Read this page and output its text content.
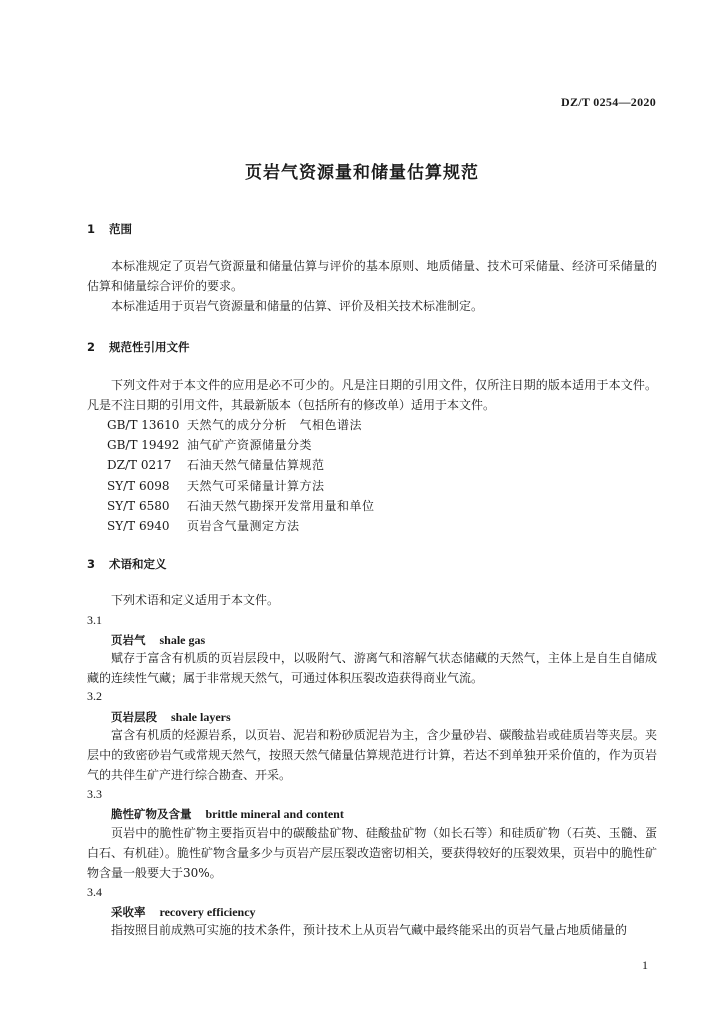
DZ/T 0254—2020
页岩气资源量和储量估算规范
1 范围
本标准规定了页岩气资源量和储量估算与评价的基本原则、地质储量、技术可采储量、经济可采储量的估算和储量综合评价的要求。
本标准适用于页岩气资源量和储量的估算、评价及相关技术标准制定。
2 规范性引用文件
下列文件对于本文件的应用是必不可少的。凡是注日期的引用文件，仅所注日期的版本适用于本文件。凡是不注日期的引用文件，其最新版本（包括所有的修改单）适用于本文件。
GB/T 13610 天然气的成分分析　气相色谱法
GB/T 19492 油气矿产资源储量分类
DZ/T 0217 石油天然气储量估算规范
SY/T 6098 天然气可采储量计算方法
SY/T 6580 石油天然气勘探开发常用量和单位
SY/T 6940 页岩含气量测定方法
3 术语和定义
下列术语和定义适用于本文件。
3.1
页岩气 shale gas
赋存于富含有机质的页岩层段中，以吸附气、游离气和溶解气状态储藏的天然气，主体上是自生自储成藏的连续性气藏；属于非常规天然气，可通过体积压裂改造获得商业气流。
3.2
页岩层段 shale layers
富含有机质的烃源岩系，以页岩、泥岩和粉砂质泥岩为主，含少量砂岩、碳酸盐岩或硅质岩等夹层。夹层中的致密砂岩气或常规天然气，按照天然气储量估算规范进行计算，若达不到单独开采价值的，作为页岩气的共伴生矿产进行综合勘查、开采。
3.3
脆性矿物及含量 brittle mineral and content
页岩中的脆性矿物主要指页岩中的碳酸盐矿物、硅酸盐矿物（如长石等）和硅质矿物（石英、玉髓、蛋白石、有机硅）。脆性矿物含量多少与页岩产层压裂改造密切相关，要获得较好的压裂效果，页岩中的脆性矿物含量一般要大于30%。
3.4
采收率 recovery efficiency
指按照目前成熟可实施的技术条件，预计技术上从页岩气藏中最终能采出的页岩气量占地质储量的
1
